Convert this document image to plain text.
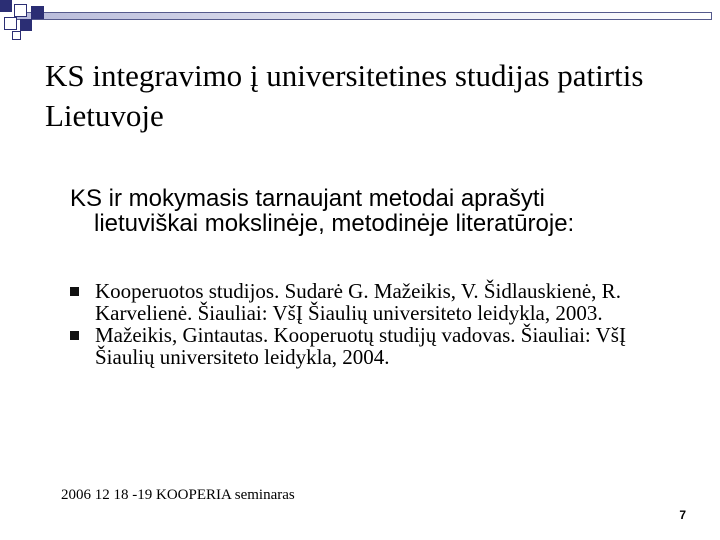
KS integravimo į universitetines studijas patirtis Lietuvoje

KS ir mokymasis tarnaujant metodai aprašyti
lietuviškai mokslinėje, metodinėje literatūroje:

Kooperuotos studijos. Sudarė G. Mažeikis, V. Šidlauskienė, R. Karvelienė. Šiauliai: VšĮ Šiaulių universiteto leidykla, 2003.
Mažeikis, Gintautas. Kooperuotų studijų vadovas. Šiauliai: VšĮ Šiaulių universiteto leidykla, 2004.
2006 12 18 -19 KOOPERIA seminaras
7
